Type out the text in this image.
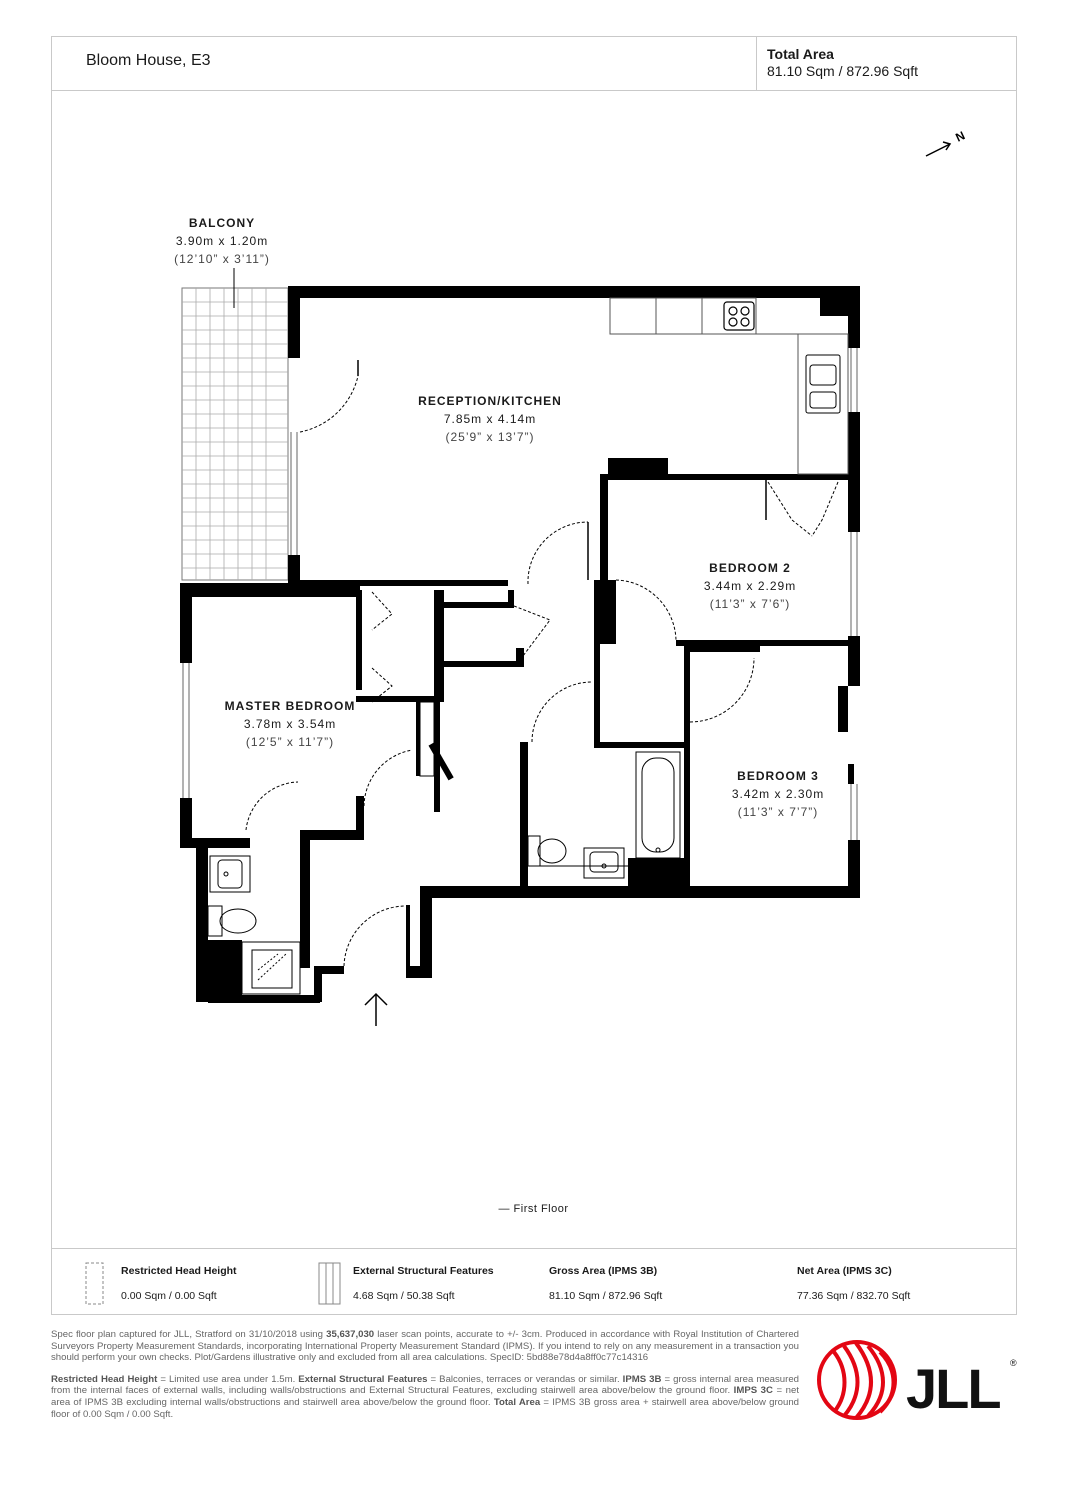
Bloom House, E3	Total Area
81.10 Sqm / 872.96 Sqft
N
JLL ®
BALCONY
3.90m x 1.20m
(12’10” x 3’11”)
RECEPTION/KITCHEN
7.85m x 4.14m
(25’9” x 13’7”)
BEDROOM 2
3.44m x 2.29m
(11’3” x 7’6”)
MASTER BEDROOM
3.78m x 3.54m
(12’5” x 11’7”)
BEDROOM 3
3.42m x 2.30m
(11’3” x 7’7”)
— First Floor
Restricted Head Height
0.00 Sqm / 0.00 Sqft
External Structural Features
4.68 Sqm / 50.38 Sqft
Gross Area (IPMS 3B)
81.10 Sqm / 872.96 Sqft
Net Area (IPMS 3C)
77.36 Sqm / 832.70 Sqft

Spec floor plan captured for JLL, Stratford on 31/10/2018 using 35,637,030 laser scan points, accurate to +/- 3cm. Produced in accordance with Royal Institution of Chartered Surveyors Property Measurement Standards, incorporating International Property Measurement Standard (IPMS). If you intend to rely on any measurement in a transaction you should perform your own checks. Plot/Gardens illustrative only and excluded from all area calculations. SpecID: 5bd88e78d4a8ff0c77c14316

Restricted Head Height = Limited use area under 1.5m. External Structural Features = Balconies, terraces or verandas or similar. IPMS 3B = gross internal area measured from the internal faces of external walls, including walls/obstructions and External Structural Features, excluding stairwell area above/below the ground floor. IMPS 3C = net area of IPMS 3B excluding internal walls/obstructions and stairwell area above/below the ground floor. Total Area = IPMS 3B gross area + stairwell area above/below ground floor of 0.00 Sqm / 0.00 Sqft.
